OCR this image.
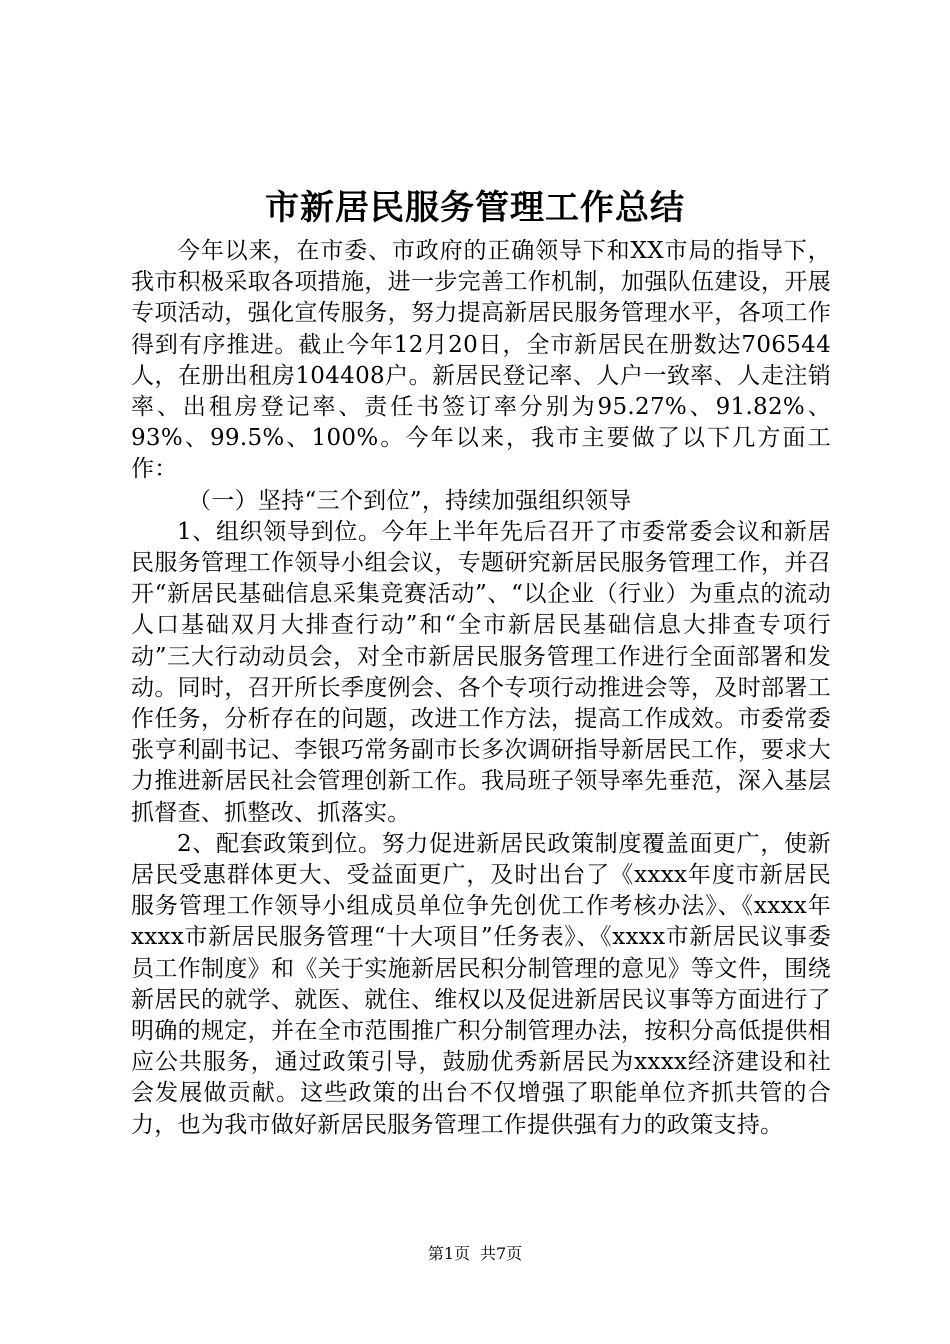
市新居民服务管理工作总结

今年以来，在市委、市政府的正确领导下和XX市局的指导下，我市积极采取各项措施，进一步完善工作机制，加强队伍建设，开展专项活动，强化宣传服务，努力提高新居民服务管理水平，各项工作得到有序推进。截止今年12月20日，全市新居民在册数达706544人，在册出租房104408户。新居民登记率、人户一致率、人走注销率、出租房登记率、责任书签订率分别为95.27%、91.82%、93%、99.5%、100%。今年以来，我市主要做了以下几方面工作：

（一）坚持“三个到位”，持续加强组织领导

1、组织领导到位。今年上半年先后召开了市委常委会议和新居民服务管理工作领导小组会议，专题研究新居民服务管理工作，并召开“新居民基础信息采集竞赛活动”、“以企业（行业）为重点的流动人口基础双月大排查行动”和“全市新居民基础信息大排查专项行动”三大行动动员会，对全市新居民服务管理工作进行全面部署和发动。同时，召开所长季度例会、各个专项行动推进会等，及时部署工作任务，分析存在的问题，改进工作方法，提高工作成效。市委常委张亨利副书记、李银巧常务副市长多次调研指导新居民工作，要求大力推进新居民社会管理创新工作。我局班子领导率先垂范，深入基层抓督查、抓整改、抓落实。

2、配套政策到位。努力促进新居民政策制度覆盖面更广，使新居民受惠群体更大、受益面更广，及时出台了《xxxx年度市新居民服务管理工作领导小组成员单位争先创优工作考核办法》、《xxxx年xxxx市新居民服务管理“十大项目”任务表》、《xxxx市新居民议事委员工作制度》和《关于实施新居民积分制管理的意见》等文件，围绕新居民的就学、就医、就住、维权以及促进新居民议事等方面进行了明确的规定，并在全市范围推广积分制管理办法，按积分高低提供相应公共服务，通过政策引导，鼓励优秀新居民为xxxx经济建设和社会发展做贡献。这些政策的出台不仅增强了职能单位齐抓共管的合力，也为我市做好新居民服务管理工作提供强有力的政策支持。

第1页 共7页
